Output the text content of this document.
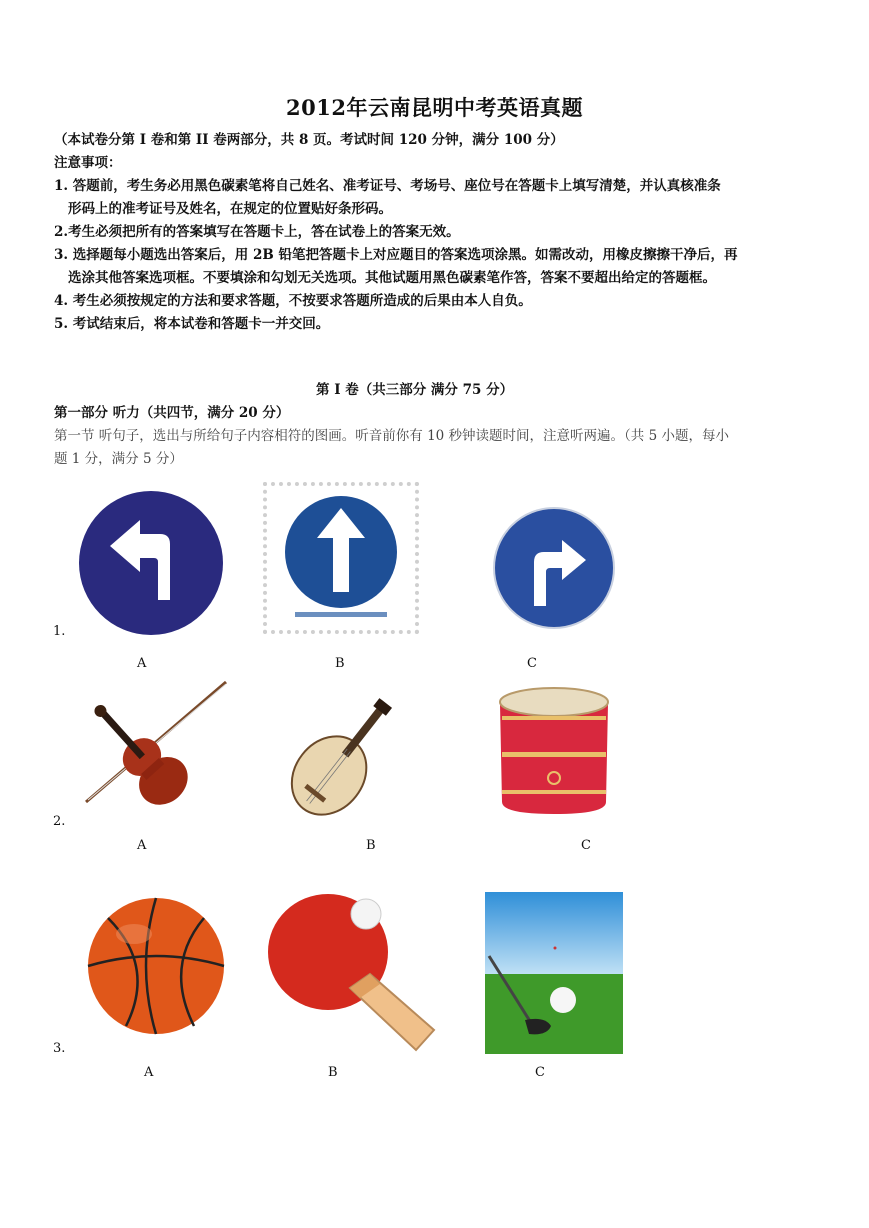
2012年云南昆明中考英语真题
（本试卷分第 I 卷和第 II 卷两部分，共 8 页。考试时间 120 分钟，满分 100 分）
注意事项：
1. 答题前，考生务必用黑色碳素笔将自己姓名、准考证号、考场号、座位号在答题卡上填写清楚，并认真核准条
形码上的准考证号及姓名，在规定的位置贴好条形码。
2.考生必须把所有的答案填写在答题卡上，答在试卷上的答案无效。
3. 选择题每小题选出答案后，用 2B 铅笔把答题卡上对应题目的答案选项涂黑。如需改动，用橡皮擦擦干净后，再
选涂其他答案选项框。不要填涂和勾划无关选项。其他试题用黑色碳素笔作答，答案不要超出给定的答题框。
4. 考生必须按规定的方法和要求答题，不按要求答题所造成的后果由本人自负。
5. 考试结束后，将本试卷和答题卡一并交回。
第 I 卷（共三部分 满分 75 分）
第一部分 听力（共四节，满分 20 分）
第一节 听句子，选出与所给句子内容相符的图画。听音前你有 10 秒钟读题时间，注意听两遍。（共 5 小题，每小
题 1 分，满分 5 分）
1.
A	B	C
2.
A	B	C
3.
A	B	C
